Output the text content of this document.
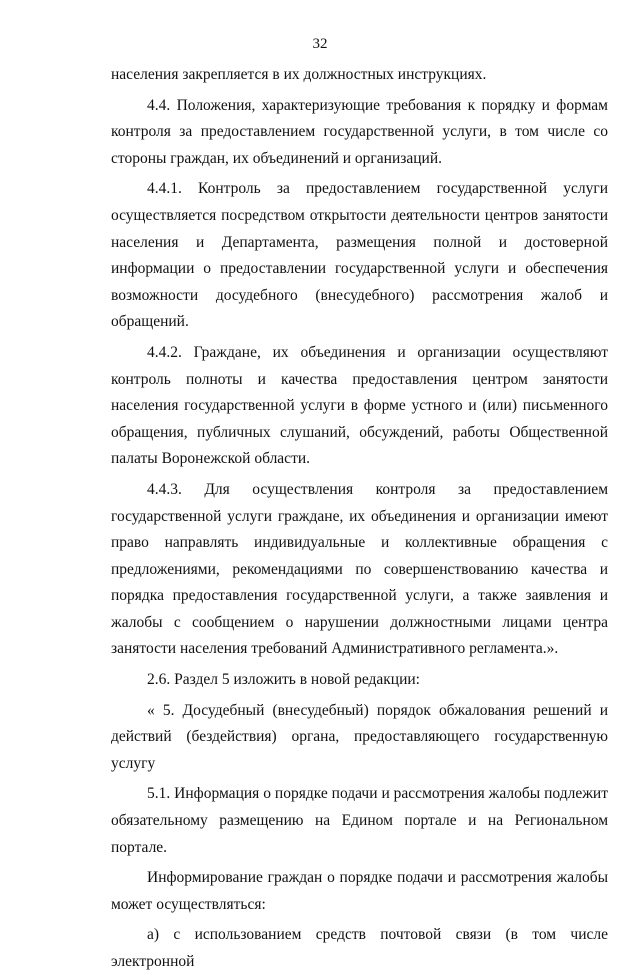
32

населения закрепляется в их должностных инструкциях.

4.4. Положения, характеризующие требования к порядку и формам контроля за предоставлением государственной услуги, в том числе со стороны граждан, их объединений и организаций.

4.4.1. Контроль за предоставлением государственной услуги осуществляется посредством открытости деятельности центров занятости населения и Департамента, размещения полной и достоверной информации о предоставлении государственной услуги и обеспечения возможности досудебного (внесудебного) рассмотрения жалоб и обращений.

4.4.2. Граждане, их объединения и организации осуществляют контроль полноты и качества предоставления центром занятости населения государственной услуги в форме устного и (или) письменного обращения, публичных слушаний, обсуждений, работы Общественной палаты Воронежской области.

4.4.3. Для осуществления контроля за предоставлением государственной услуги граждане, их объединения и организации имеют право направлять индивидуальные и коллективные обращения с предложениями, рекомендациями по совершенствованию качества и порядка предоставления государственной услуги, а также заявления и жалобы с сообщением о нарушении должностными лицами центра занятости населения требований Административного регламента.».

2.6. Раздел 5 изложить в новой редакции:

« 5. Досудебный (внесудебный) порядок обжалования решений и действий (бездействия) органа, предоставляющего государственную услугу

5.1. Информация о порядке подачи и рассмотрения жалобы подлежит обязательному размещению на Едином портале и на Региональном портале.

Информирование граждан о порядке подачи и рассмотрения жалобы может осуществляться:

а) с использованием средств почтовой связи (в том числе электронной
